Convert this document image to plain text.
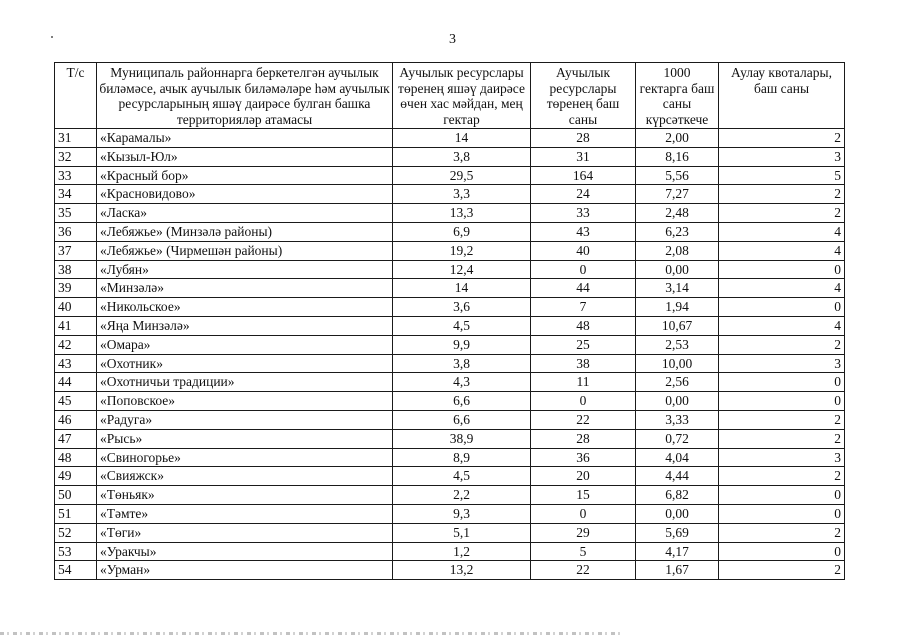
3
Т/с	Муниципаль районнарга беркетелгән аучылык биләмәсе, ачык аучылык биләмәләре һәм аучылык ресурсларының яшәү даирәсе булган башка территорияләр атамасы	Аучылык ресурслары төренең яшәү даирәсе өчен хас мәйдан, мең гектар	Аучылык ресурслары төренең баш саны	1000 гектарга баш саны күрсәткече	Аулау квоталары, баш саны
31	«Карамалы»	14	28	2,00	2
32	«Кызыл-Юл»	3,8	31	8,16	3
33	«Красный бор»	29,5	164	5,56	5
34	«Красновидово»	3,3	24	7,27	2
35	«Ласка»	13,3	33	2,48	2
36	«Лебяжье» (Минзәлә районы)	6,9	43	6,23	4
37	«Лебяжье» (Чирмешән районы)	19,2	40	2,08	4
38	«Лубян»	12,4	0	0,00	0
39	«Минзәлә»	14	44	3,14	4
40	«Никольское»	3,6	7	1,94	0
41	«Яңа Минзәлә»	4,5	48	10,67	4
42	«Омара»	9,9	25	2,53	2
43	«Охотник»	3,8	38	10,00	3
44	«Охотничьи традиции»	4,3	11	2,56	0
45	«Поповское»	6,6	0	0,00	0
46	«Радуга»	6,6	22	3,33	2
47	«Рысь»	38,9	28	0,72	2
48	«Свиногорье»	8,9	36	4,04	3
49	«Свияжск»	4,5	20	4,44	2
50	«Төньяк»	2,2	15	6,82	0
51	«Тәмте»	9,3	0	0,00	0
52	«Төги»	5,1	29	5,69	2
53	«Уракчы»	1,2	5	4,17	0
54	«Урман»	13,2	22	1,67	2
